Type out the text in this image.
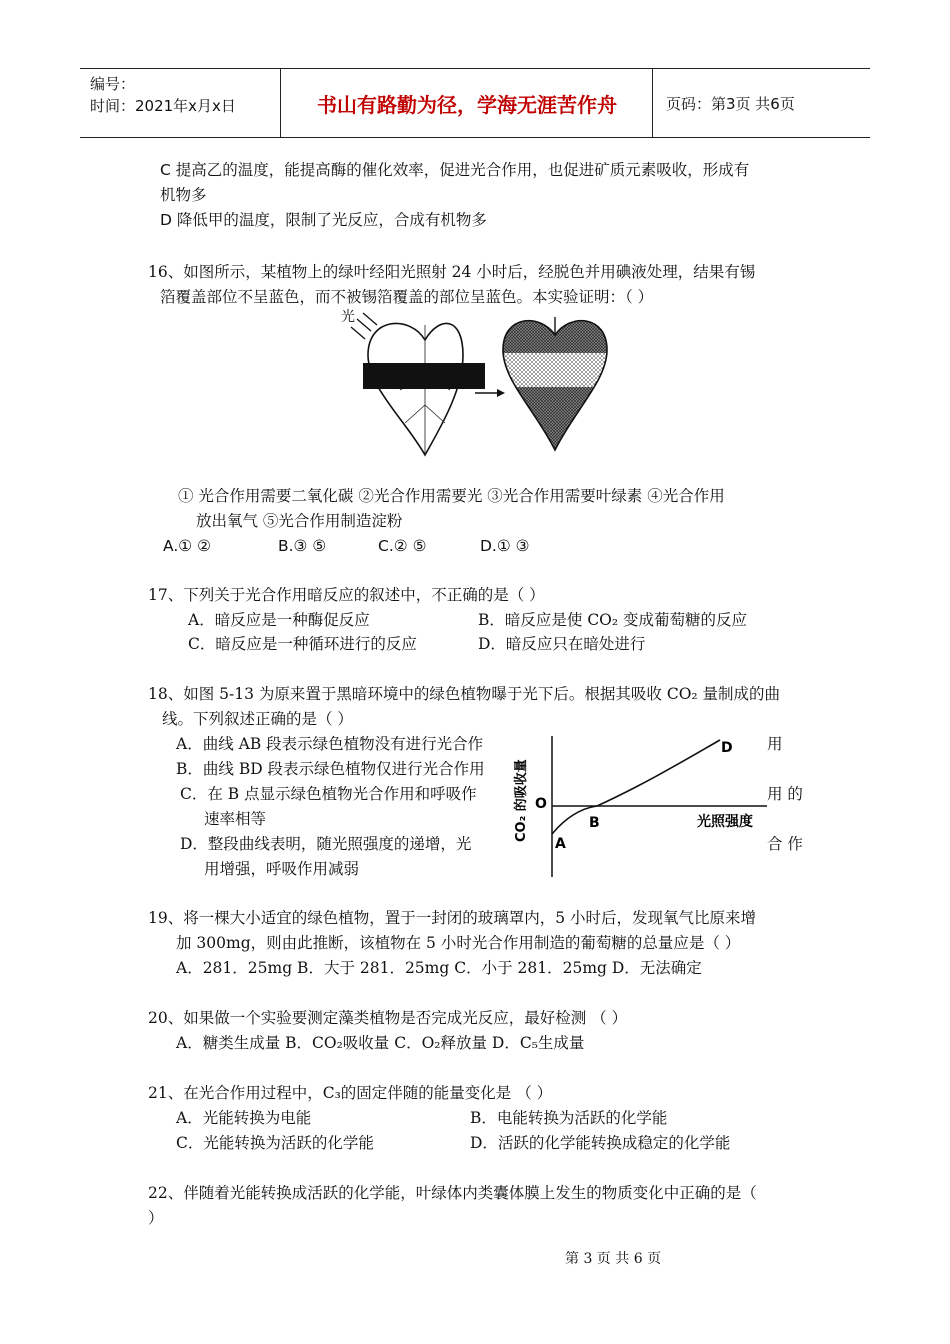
编号：
时间：2021年x月x日	书山有路勤为径，学海无涯苦作舟	页码：第3页 共6页
C 提高乙的温度，能提高酶的催化效率，促进光合作用，也促进矿质元素吸收，形成有
机物多
D 降低甲的温度，限制了光反应，合成有机物多
16、如图所示，某植物上的绿叶经阳光照射 24 小时后，经脱色并用碘液处理，结果有锡
箔覆盖部位不呈蓝色，而不被锡箔覆盖的部位呈蓝色。本实验证明：（ ）
光
① 光合作用需要二氧化碳 ②光合作用需要光 ③光合作用需要叶绿素 ④光合作用
放出氧气 ⑤光合作用制造淀粉
A.① ②	B.③ ⑤	C.② ⑤	D.① ③
17、下列关于光合作用暗反应的叙述中，不正确的是（ ）
A．暗反应是一种酶促反应	B．暗反应是使 CO₂ 变成葡萄糖的反应
C．暗反应是一种循环进行的反应	D．暗反应只在暗处进行
18、如图 5-13 为原来置于黑暗环境中的绿色植物曝于光下后。根据其吸收 CO₂ 量制成的曲
线。下列叙述正确的是（ ）
A．曲线 AB 段表示绿色植物没有进行光合作	用
B．曲线 BD 段表示绿色植物仅进行光合作用
C．在 B 点显示绿色植物光合作用和呼吸作	用 的
速率相等
D．整段曲线表明，随光照强度的递增，光	合 作
用增强，呼吸作用减弱
O
B
A
D
光照强度
CO₂ 的吸收量
19、将一棵大小适宜的绿色植物，置于一封闭的玻璃罩内，5 小时后，发现氧气比原来增
加 300mg，则由此推断，该植物在 5 小时光合作用制造的葡萄糖的总量应是（ ）
A．281．25mg B．大于 281．25mg C．小于 281．25mg D．无法确定
20、如果做一个实验要测定藻类植物是否完成光反应，最好检测 （ ）
A．糖类生成量 B．CO₂吸收量 C．O₂释放量 D．C₅生成量
21、在光合作用过程中，C₃的固定伴随的能量变化是 （ ）
A．光能转换为电能	B．电能转换为活跃的化学能
C．光能转换为活跃的化学能	D．活跃的化学能转换成稳定的化学能
22、伴随着光能转换成活跃的化学能，叶绿体内类囊体膜上发生的物质变化中正确的是（
）
第 3 页 共 6 页
